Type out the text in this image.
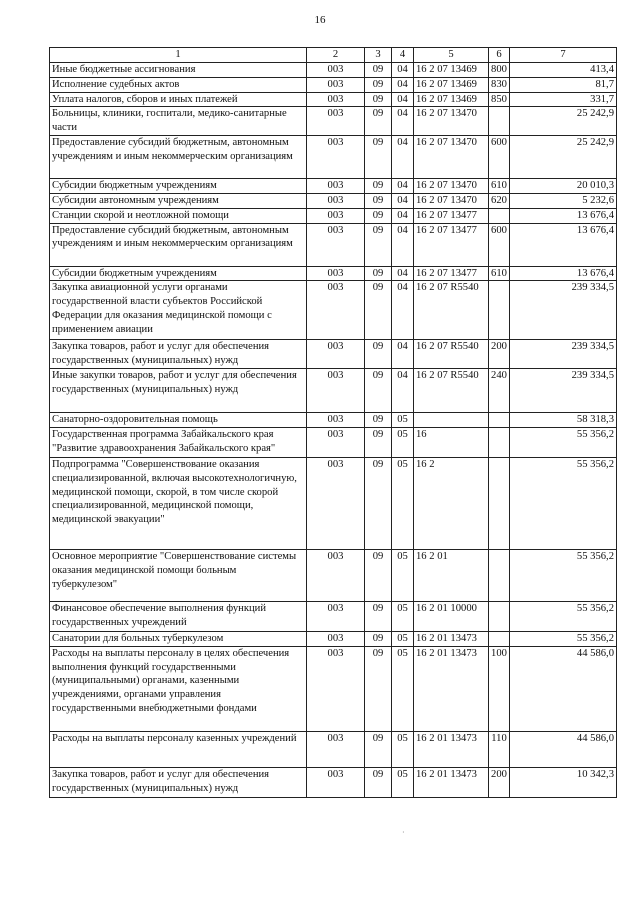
16
1	2	3	4	5	6	7
Иные бюджетные ассигнования	003	09	04	16 2 07 13469	800	413,4
Исполнение судебных актов	003	09	04	16 2 07 13469	830	81,7
Уплата налогов, сборов и иных платежей	003	09	04	16 2 07 13469	850	331,7
Больницы, клиники, госпитали, медико-санитарные части	003	09	04	16 2 07 13470		25 242,9
Предоставление субсидий бюджетным, автономным учреждениям и иным некоммерческим организациям	003	09	04	16 2 07 13470	600	25 242,9
Субсидии бюджетным учреждениям	003	09	04	16 2 07 13470	610	20 010,3
Субсидии автономным учреждениям	003	09	04	16 2 07 13470	620	5 232,6
Станции скорой и неотложной помощи	003	09	04	16 2 07 13477		13 676,4
Предоставление субсидий бюджетным, автономным учреждениям и иным некоммерческим организациям	003	09	04	16 2 07 13477	600	13 676,4
Субсидии бюджетным учреждениям	003	09	04	16 2 07 13477	610	13 676,4
Закупка авиационной услуги органами государственной власти субъектов Российской Федерации для оказания медицинской помощи с применением авиации	003	09	04	16 2 07 R5540		239 334,5
Закупка товаров, работ и услуг для обеспечения государственных (муниципальных) нужд	003	09	04	16 2 07 R5540	200	239 334,5
Иные закупки товаров, работ и услуг для обеспечения государственных (муниципальных) нужд	003	09	04	16 2 07 R5540	240	239 334,5
Санаторно-оздоровительная помощь	003	09	05			58 318,3
Государственная программа Забайкальского края "Развитие здравоохранения Забайкальского края"	003	09	05	16		55 356,2
Подпрограмма "Совершенствование оказания специализированной, включая высокотехнологичную, медицинской помощи, скорой, в том числе скорой специализированной, медицинской помощи, медицинской эвакуации"	003	09	05	16 2		55 356,2
Основное мероприятие "Совершенствование системы оказания медицинской помощи больным туберкулезом"	003	09	05	16 2 01		55 356,2
Финансовое обеспечение выполнения функций государственных учреждений	003	09	05	16 2 01 10000		55 356,2
Санатории для больных туберкулезом	003	09	05	16 2 01 13473		55 356,2
Расходы на выплаты персоналу в целях обеспечения выполнения функций государственными (муниципальными) органами, казенными учреждениями, органами управления государственными внебюджетными фондами	003	09	05	16 2 01 13473	100	44 586,0
Расходы на выплаты персоналу казенных учреждений	003	09	05	16 2 01 13473	110	44 586,0
Закупка товаров, работ и услуг для обеспечения государственных (муниципальных) нужд	003	09	05	16 2 01 13473	200	10 342,3
·
